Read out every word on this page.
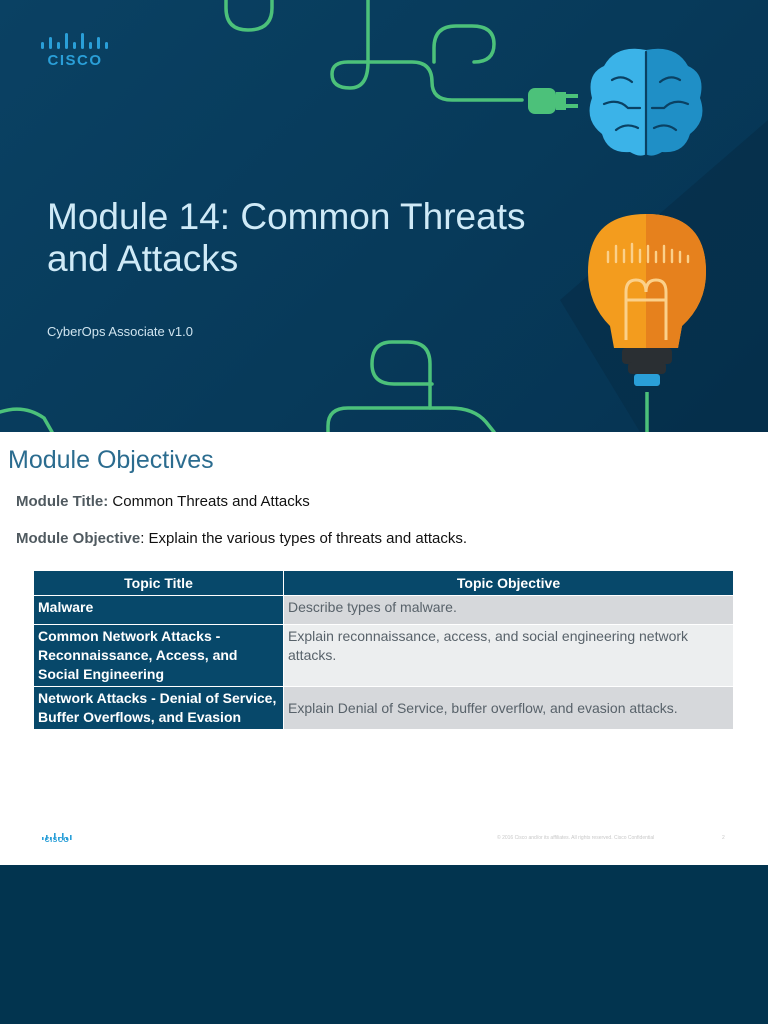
CISCO
Module 14: Common Threats and Attacks
CyberOps Associate v1.0
Module Objectives
Module Title: Common Threats and Attacks
Module Objective: Explain the various types of threats and attacks.
Topic Title	Topic Objective
Malware	Describe types of malware.
Common Network Attacks - Reconnaissance, Access, and Social Engineering	Explain reconnaissance, access, and social engineering network attacks.
Network Attacks - Denial of Service, Buffer Overflows, and Evasion	Explain Denial of Service, buffer overflow, and evasion attacks.
CISCO	© 2016 Cisco and/or its affiliates. All rights reserved. Cisco Confidential	2
